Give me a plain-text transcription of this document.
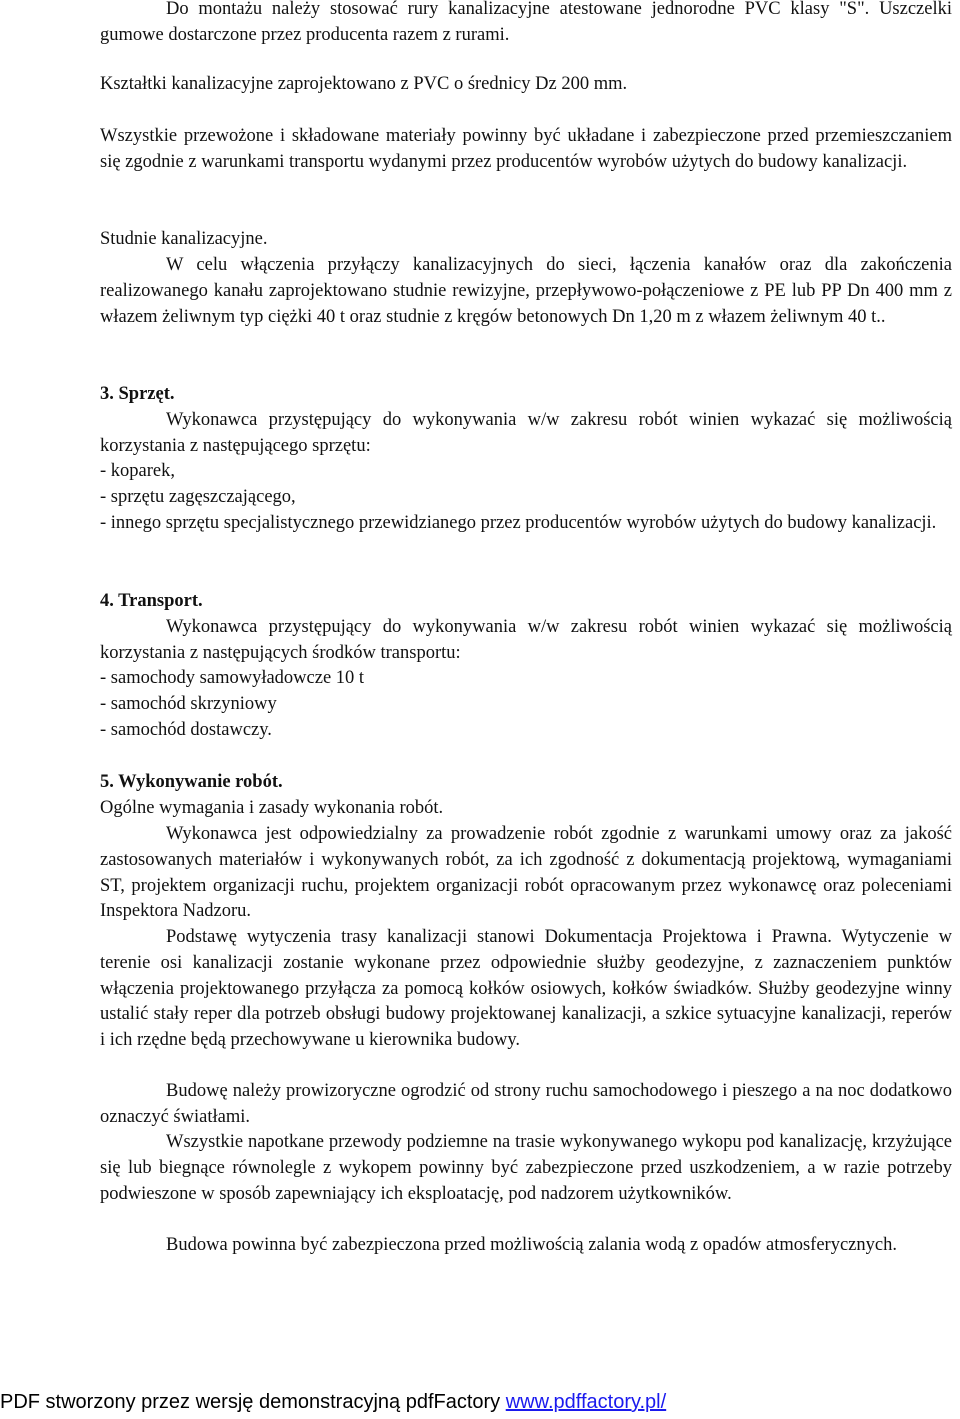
Do montażu należy stosować rury kanalizacyjne atestowane jednorodne PVC klasy "S". Uszczelki gumowe dostarczone przez producenta razem z rurami.

Kształtki kanalizacyjne zaprojektowano z PVC o średnicy Dz 200 mm.

Wszystkie przewożone i składowane materiały powinny być układane i zabezpieczone przed przemieszczaniem się zgodnie z warunkami transportu wydanymi przez producentów wyrobów użytych do budowy kanalizacji.

Studnie kanalizacyjne.

W celu włączenia przyłączy kanalizacyjnych do sieci, łączenia kanałów oraz dla zakończenia realizowanego kanału zaprojektowano studnie rewizyjne, przepływowo-połączeniowe z PE lub PP Dn 400 mm z włazem żeliwnym typ ciężki 40 t oraz studnie z kręgów betonowych Dn 1,20 m z włazem żeliwnym 40 t..

3. Sprzęt.

Wykonawca przystępujący do wykonywania w/w zakresu robót winien wykazać się możliwością korzystania z następującego sprzętu:

- koparek,
- sprzętu zagęszczającego,
- innego sprzętu specjalistycznego przewidzianego przez producentów wyrobów użytych do budowy kanalizacji.
4. Transport.

Wykonawca przystępujący do wykonywania w/w zakresu robót winien wykazać się możliwością korzystania z następujących środków transportu:

- samochody samowyładowcze 10 t
- samochód skrzyniowy
- samochód dostawczy.
5. Wykonywanie robót.
Ogólne wymagania i zasady wykonania robót.

Wykonawca jest odpowiedzialny za prowadzenie robót zgodnie z warunkami umowy oraz za jakość zastosowanych materiałów i wykonywanych robót, za ich zgodność z dokumentacją projektową, wymaganiami ST, projektem organizacji ruchu, projektem organizacji robót opracowanym przez wykonawcę oraz poleceniami Inspektora Nadzoru.

Podstawę wytyczenia trasy kanalizacji stanowi Dokumentacja Projektowa i Prawna. Wytyczenie w terenie osi kanalizacji zostanie wykonane przez odpowiednie służby geodezyjne, z zaznaczeniem punktów włączenia projektowanego przyłącza za pomocą kołków osiowych, kołków świadków. Służby geodezyjne winny ustalić stały reper dla potrzeb obsługi budowy projektowanej kanalizacji, a szkice sytuacyjne kanalizacji, reperów i ich rzędne będą przechowywane u kierownika budowy.

Budowę należy prowizoryczne ogrodzić od strony ruchu samochodowego i pieszego a na noc dodatkowo oznaczyć światłami.

Wszystkie napotkane przewody podziemne na trasie wykonywanego wykopu pod kanalizację, krzyżujące się lub biegnące równolegle z wykopem powinny być zabezpieczone przed uszkodzeniem, a w razie potrzeby podwieszone w sposób zapewniający ich eksploatację, pod nadzorem użytkowników.

Budowa powinna być zabezpieczona przed możliwością zalania wodą z opadów atmosferycznych.

PDF stworzony przez wersję demonstracyjną pdfFactory www.pdffactory.pl/
